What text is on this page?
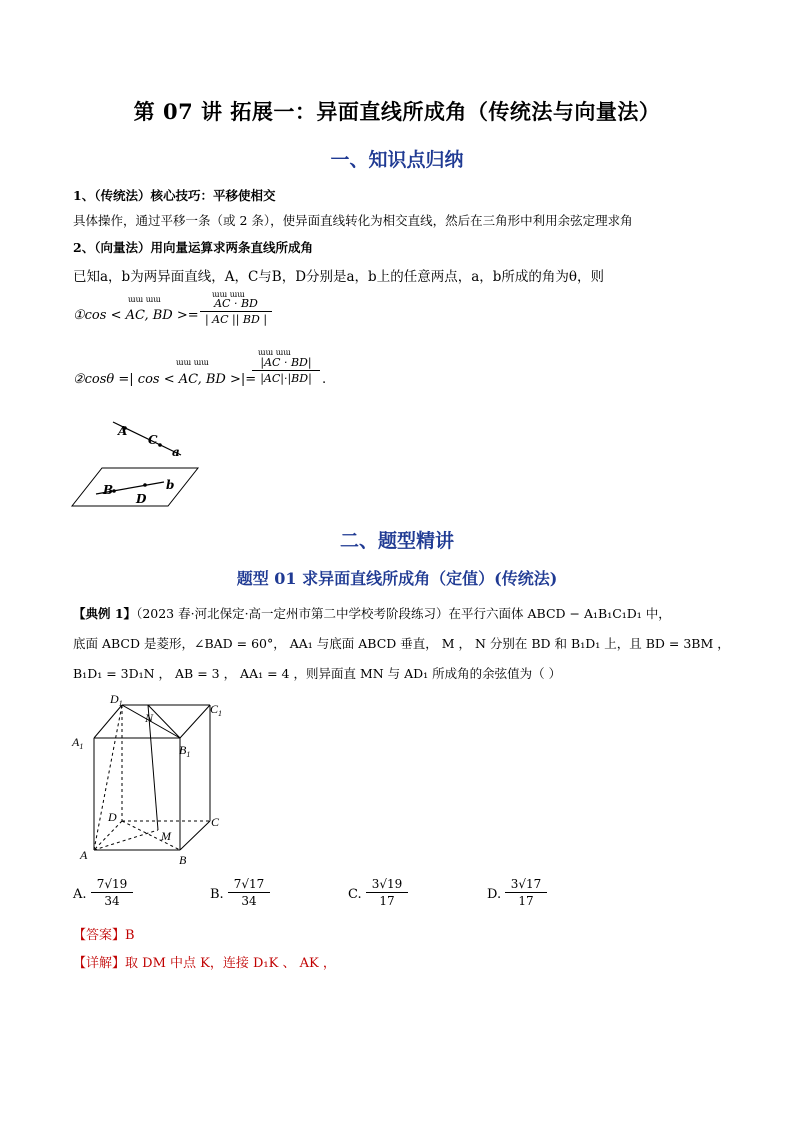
第 07 讲 拓展一：异面直线所成角（传统法与向量法）
一、知识点归纳
1、（传统法）核心技巧：平移使相交
具体操作，通过平移一条（或 2 条），使异面直线转化为相交直线，然后在三角形中利用余弦定理求角
2、（向量法）用向量运算求两条直线所成角
已知a，b为两异面直线，A，C与B，D分别是a，b上的任意两点，a，b所成的角为θ，则
ɯɯ ɯɯ
ɯɯ ɯɯ
①cos < AC, BD >=
AC · BD
| AC || BD |
ɯɯ ɯɯ
ɯɯ ɯɯ
②cosθ =| cos < AC, BD >|=
|AC · BD|
|AC|·|BD| .
A
C
a
B
D
b
二、题型精讲
题型 01 求异面直线所成角（定值）(传统法)
【典例 1】（2023 春·河北保定·高一定州市第二中学校考阶段练习）在平行六面体 ABCD − A₁B₁C₁D₁ 中，
底面 ABCD 是菱形，∠BAD = 60°， AA₁ 与底面 ABCD 垂直， M ， N 分别在 BD 和 B₁D₁ 上，且 BD = 3BM ，
B₁D₁ = 3D₁N ， AB = 3 ， AA₁ = 4 ，则异面直 MN 与 AD₁ 所成角的余弦值为（ ）
$D_1$
N
$C_1$
$A_1$	$B_1$
D	C
M
A	B
A.
7√19
34	B.
7√17
34	C.
3√19
17	D.
3√17
17
【答案】B
【详解】取 DM 中点 K，连接 D₁K 、 AK ，
